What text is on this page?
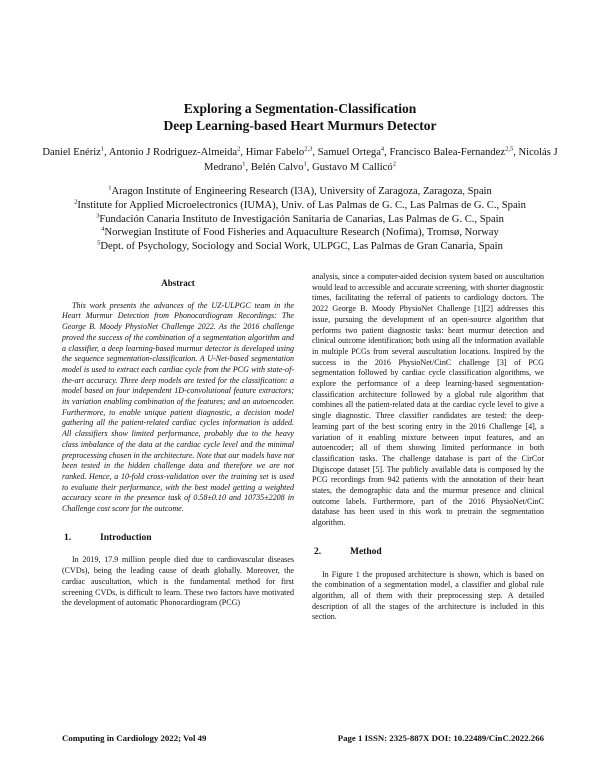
Exploring a Segmentation-Classification
Deep Learning-based Heart Murmurs Detector
Daniel Enériz$^1$, Antonio J Rodriguez-Almeida$^2$, Himar Fabelo$^{2,3}$, Samuel Ortega$^4$, Francisco Balea-Fernandez$^{2,5}$, Nicolás J Medrano$^1$, Belén Calvo$^1$, Gustavo M Callicó$^2$
$^1$Aragon Institute of Engineering Research (I3A), University of Zaragoza, Zaragoza, Spain
$^2$Institute for Applied Microelectronics (IUMA), Univ. of Las Palmas de G. C., Las Palmas de G. C., Spain
$^3$Fundación Canaria Instituto de Investigación Sanitaria de Canarias, Las Palmas de G. C., Spain
$^4$Norwegian Institute of Food Fisheries and Aquaculture Research (Nofima), Tromsø, Norway
$^5$Dept. of Psychology, Sociology and Social Work, ULPGC, Las Palmas de Gran Canaria, Spain
Abstract

This work presents the advances of the UZ-ULPGC team in the Heart Murmur Detection from Phonocardiogram Recordings: The George B. Moody PhysioNet Challenge 2022. As the 2016 challenge proved the success of the combination of a segmentation algorithm and a classifier, a deep learning-based murmur detector is developed using the sequence segmentation-classification. A U-Net-based segmentation model is used to extract each cardiac cycle from the PCG with state-of-the-art accuracy. Three deep models are tested for the classification: a model based on four independent 1D-convolutional feature extractors; its variation enabling combination of the features; and an autoencoder. Furthermore, to enable unique patient diagnostic, a decision model gathering all the patient-related cardiac cycles information is added. All classifiers show limited performance, probably due to the heavy class imbalance of the data at the cardiac cycle level and the minimal preprocessing chosen in the architecture. Note that our models have not been tested in the hidden challenge data and therefore we are not ranked. Hence, a 10-fold cross-validation over the training set is used to evaluate their performance, with the best model getting a weighted accuracy score in the presence task of 0.58±0.10 and 10735±2208 in Challenge cost score for the outcome.

1.	Introduction

In 2019, 17.9 million people died due to cardiovascular diseases (CVDs), being the leading cause of death globally. Moreover, the cardiac auscultation, which is the fundamental method for first screening CVDs, is difficult to learn. These two factors have motivated the development of automatic Phonocardiogram (PCG)

analysis, since a computer-aided decision system based on auscultation would lead to accessible and accurate screening, with shorter diagnostic times, facilitating the referral of patients to cardiology doctors. The 2022 George B. Moody PhysioNet Challenge [1][2] addresses this issue, pursuing the development of an open-source algorithm that performs two patient diagnostic tasks: heart murmur detection and clinical outcome identification; both using all the information available in multiple PCGs from several auscultation locations. Inspired by the success in the 2016 PhysioNet/CinC challenge [3] of PCG segmentation followed by cardiac cycle classification algorithms, we explore the performance of a deep learning-based segmentation-classification architecture followed by a global rule algorithm that combines all the patient-related data at the cardiac cycle level to give a single diagnostic. Three classifier candidates are tested: the deep-learning part of the best scoring entry in the 2016 Challenge [4], a variation of it enabling mixture between input features, and an autoencoder; all of them showing limited performance in both classification tasks. The challenge database is part of the CirCor Digiscope dataset [5]. The publicly available data is composed by the PCG recordings from 942 patients with the annotation of their heart states, the demographic data and the murmur presence and clinical outcome labels. Furthermore, part of the 2016 PhysioNet/CinC database has been used in this work to pretrain the segmentation algorithm.

2.	Method

In Figure 1 the proposed architecture is shown, which is based on the combination of a segmentation model, a classifier and global rule algorithm, all of them with their preprocessing step. A detailed description of all the stages of the architecture is included in this section.

Computing in Cardiology 2022; Vol 49	Page 1 ISSN: 2325-887X DOI: 10.22489/CinC.2022.266
